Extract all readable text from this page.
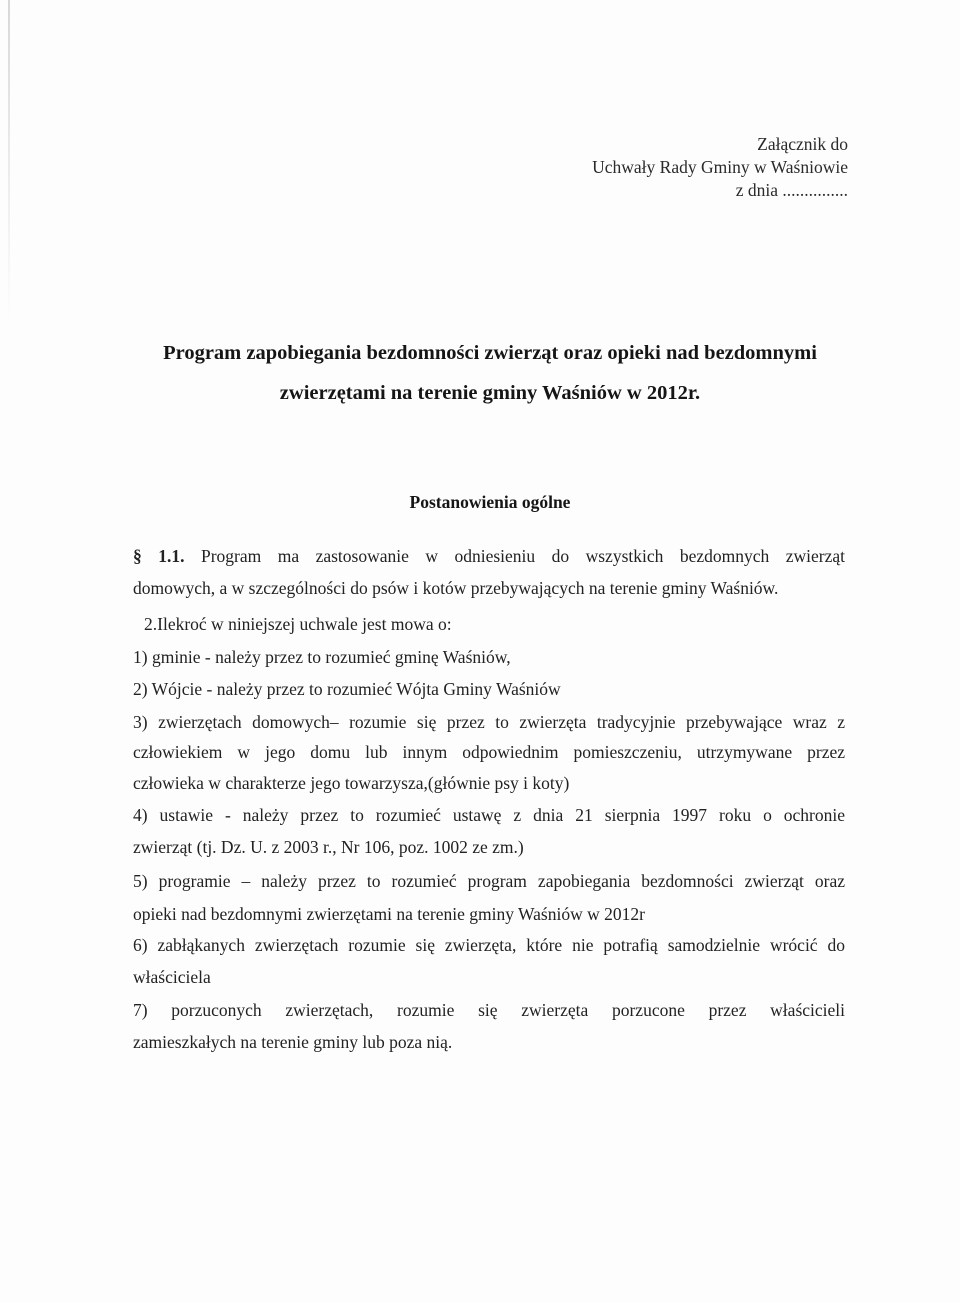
Załącznik do
Uchwały Rady Gminy w Waśniowie
z dnia ...............
Program zapobiegania bezdomności zwierząt oraz opieki nad bezdomnymi
zwierzętami na terenie gminy Waśniów w 2012r.
Postanowienia ogólne
§ 1.1. Program ma zastosowanie w odniesieniu do wszystkich bezdomnych zwierząt
domowych, a w szczególności do psów i kotów przebywających na terenie gminy Waśniów.
2.Ilekroć w niniejszej uchwale jest mowa o:
1) gminie - należy przez to rozumieć gminę Waśniów,
2) Wójcie - należy przez to rozumieć Wójta Gminy Waśniów
3) zwierzętach domowych– rozumie się przez to zwierzęta tradycyjnie przebywające wraz z
człowiekiem w jego domu lub innym odpowiednim pomieszczeniu, utrzymywane przez
człowieka w charakterze jego towarzysza,(głównie psy i koty)
4) ustawie - należy przez to rozumieć ustawę z dnia 21 sierpnia 1997 roku o ochronie
zwierząt (tj. Dz. U. z 2003 r., Nr 106, poz. 1002 ze zm.)
5) programie – należy przez to rozumieć program zapobiegania bezdomności zwierząt oraz
opieki nad bezdomnymi zwierzętami na terenie gminy Waśniów w 2012r
6) zabłąkanych zwierzętach rozumie się zwierzęta, które nie potrafią samodzielnie wrócić do
właściciela
7) porzuconych zwierzętach, rozumie się zwierzęta porzucone przez właścicieli
zamieszkałych na terenie gminy lub poza nią.
